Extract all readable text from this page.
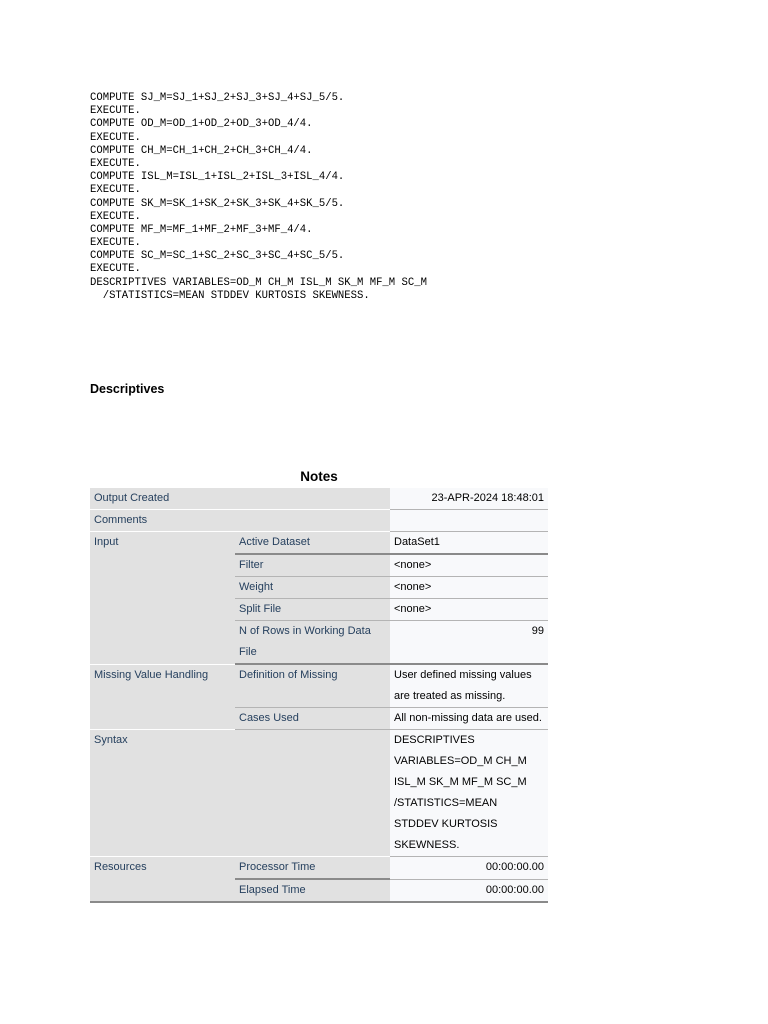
COMPUTE SJ_M=SJ_1+SJ_2+SJ_3+SJ_4+SJ_5/5.
EXECUTE.
COMPUTE OD_M=OD_1+OD_2+OD_3+OD_4/4.
EXECUTE.
COMPUTE CH_M=CH_1+CH_2+CH_3+CH_4/4.
EXECUTE.
COMPUTE ISL_M=ISL_1+ISL_2+ISL_3+ISL_4/4.
EXECUTE.
COMPUTE SK_M=SK_1+SK_2+SK_3+SK_4+SK_5/5.
EXECUTE.
COMPUTE MF_M=MF_1+MF_2+MF_3+MF_4/4.
EXECUTE.
COMPUTE SC_M=SC_1+SC_2+SC_3+SC_4+SC_5/5.
EXECUTE.
DESCRIPTIVES VARIABLES=OD_M CH_M ISL_M SK_M MF_M SC_M
/STATISTICS=MEAN STDDEV KURTOSIS SKEWNESS.
Descriptives
Notes
Output Created		23-APR-2024 18:48:01
Comments		
Input	Active Dataset	DataSet1
	Filter	<none>
	Weight	<none>
	Split File	<none>
	N of Rows in Working Data File	99
Missing Value Handling	Definition of Missing	User defined missing values are treated as missing.
	Cases Used	All non-missing data are used.
Syntax		DESCRIPTIVES VARIABLES=OD_M CH_M ISL_M SK_M MF_M SC_M /STATISTICS=MEAN STDDEV KURTOSIS SKEWNESS.
Resources	Processor Time	00:00:00.00
	Elapsed Time	00:00:00.00
